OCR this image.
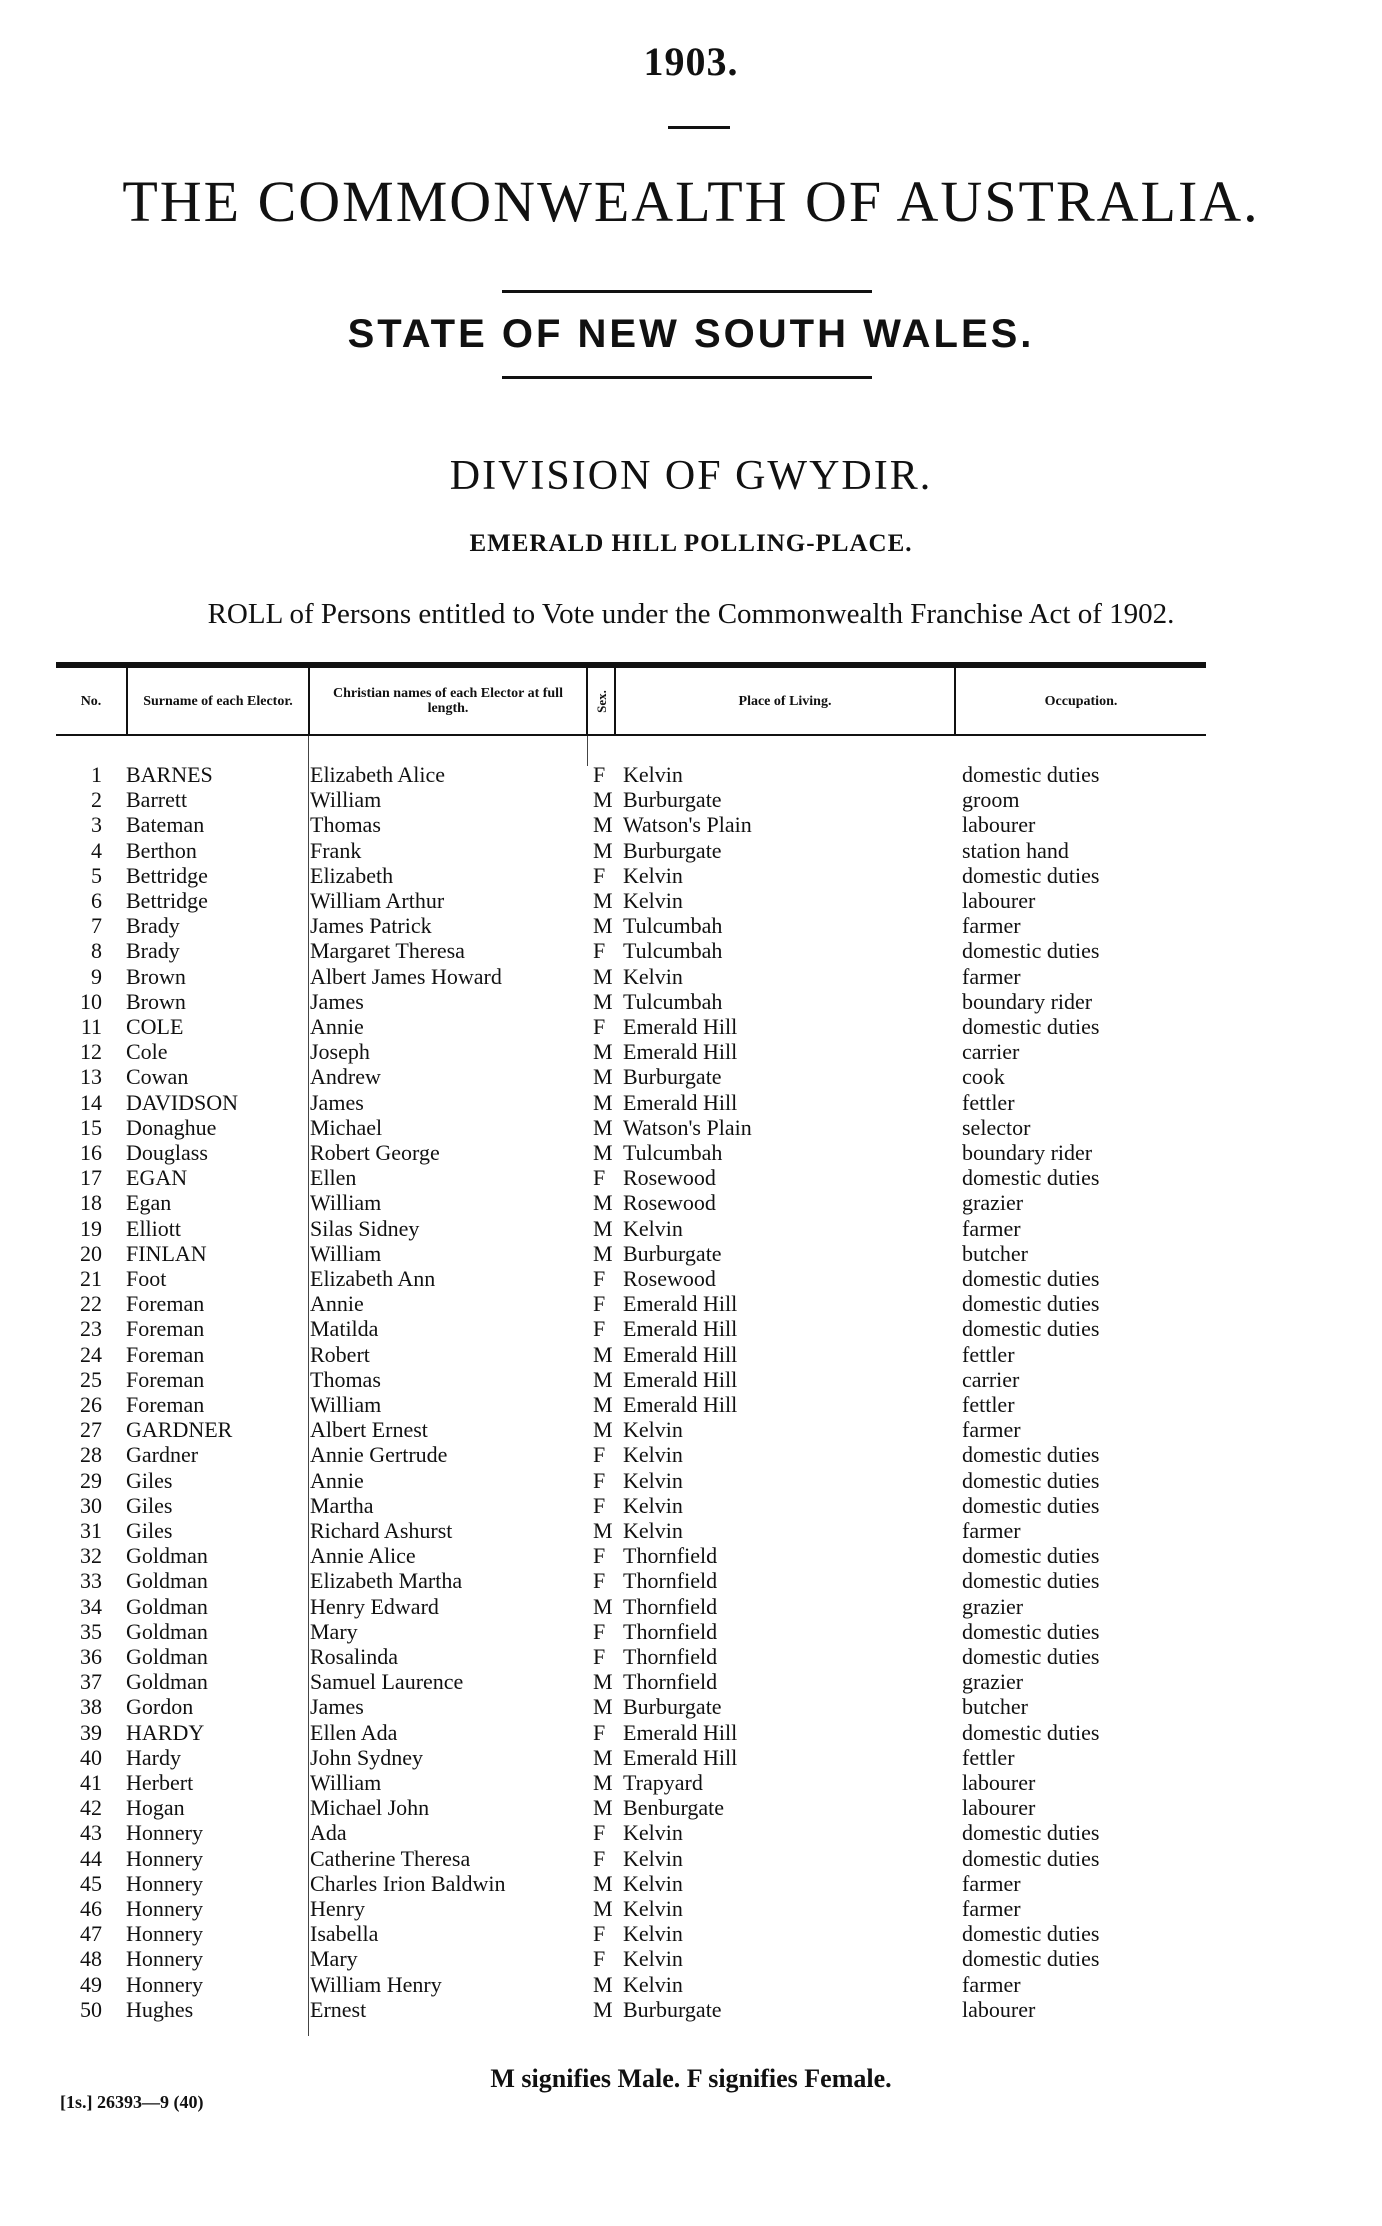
1903.
THE COMMONWEALTH OF AUSTRALIA.
STATE OF NEW SOUTH WALES.
DIVISION OF GWYDIR.
EMERALD HILL POLLING-PLACE.
ROLL of Persons entitled to Vote under the Commonwealth Franchise Act of 1902.
No.	Surname of each Elector.	Christian names of each Elector at full length.	Sex.	Place of Living.	Occupation.
1 BARNES	Elizabeth Alice	F Kelvin	domestic duties
2 Barrett	William	M Burburgate	groom
3 Bateman	Thomas	M Watson's Plain	labourer
4 Berthon	Frank	M Burburgate	station hand
5 Bettridge	Elizabeth	F Kelvin	domestic duties
6 Bettridge	William Arthur	M Kelvin	labourer
7 Brady	James Patrick	M Tulcumbah	farmer
8 Brady	Margaret Theresa	F Tulcumbah	domestic duties
9 Brown	Albert James Howard	M Kelvin	farmer
10 Brown	James	M Tulcumbah	boundary rider
11 COLE	Annie	F Emerald Hill	domestic duties
12 Cole	Joseph	M Emerald Hill	carrier
13 Cowan	Andrew	M Burburgate	cook
14 DAVIDSON	James	M Emerald Hill	fettler
15 Donaghue	Michael	M Watson's Plain	selector
16 Douglass	Robert George	M Tulcumbah	boundary rider
17 EGAN	Ellen	F Rosewood	domestic duties
18 Egan	William	M Rosewood	grazier
19 Elliott	Silas Sidney	M Kelvin	farmer
20 FINLAN	William	M Burburgate	butcher
21 Foot	Elizabeth Ann	F Rosewood	domestic duties
22 Foreman	Annie	F Emerald Hill	domestic duties
23 Foreman	Matilda	F Emerald Hill	domestic duties
24 Foreman	Robert	M Emerald Hill	fettler
25 Foreman	Thomas	M Emerald Hill	carrier
26 Foreman	William	M Emerald Hill	fettler
27 GARDNER	Albert Ernest	M Kelvin	farmer
28 Gardner	Annie Gertrude	F Kelvin	domestic duties
29 Giles	Annie	F Kelvin	domestic duties
30 Giles	Martha	F Kelvin	domestic duties
31 Giles	Richard Ashurst	M Kelvin	farmer
32 Goldman	Annie Alice	F Thornfield	domestic duties
33 Goldman	Elizabeth Martha	F Thornfield	domestic duties
34 Goldman	Henry Edward	M Thornfield	grazier
35 Goldman	Mary	F Thornfield	domestic duties
36 Goldman	Rosalinda	F Thornfield	domestic duties
37 Goldman	Samuel Laurence	M Thornfield	grazier
38 Gordon	James	M Burburgate	butcher
39 HARDY	Ellen Ada	F Emerald Hill	domestic duties
40 Hardy	John Sydney	M Emerald Hill	fettler
41 Herbert	William	M Trapyard	labourer
42 Hogan	Michael John	M Benburgate	labourer
43 Honnery	Ada	F Kelvin	domestic duties
44 Honnery	Catherine Theresa	F Kelvin	domestic duties
45 Honnery	Charles Irion Baldwin	M Kelvin	farmer
46 Honnery	Henry	M Kelvin	farmer
47 Honnery	Isabella	F Kelvin	domestic duties
48 Honnery	Mary	F Kelvin	domestic duties
49 Honnery	William Henry	M Kelvin	farmer
50 Hughes	Ernest	M Burburgate	labourer
M signifies Male. F signifies Female.
[1s.] 26393—9 (40)
